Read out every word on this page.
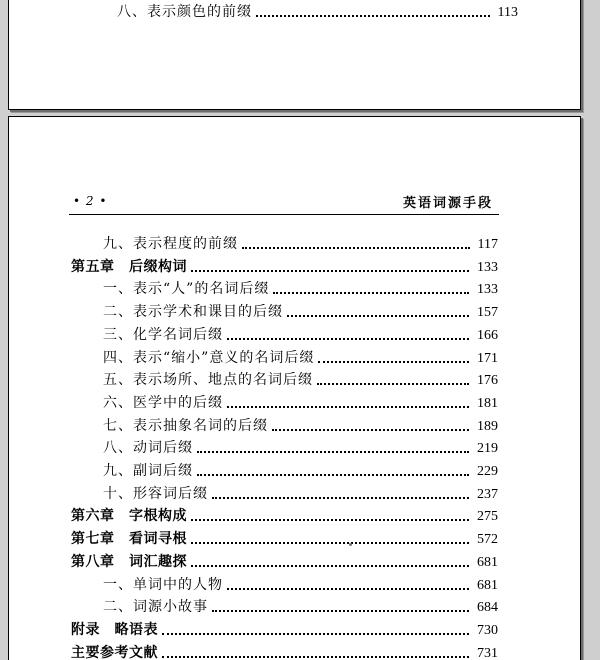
八、表示颜色的前缀	113
• 2 •	英语词源手段
九、表示程度的前缀	117
第五章　后缀构词	133
一、表示“人”的名词后缀	133
二、表示学术和课目的后缀	157
三、化学名词后缀	166
四、表示“缩小”意义的名词后缀	171
五、表示场所、地点的名词后缀	176
六、医学中的后缀	181
七、表示抽象名词的后缀	189
八、动词后缀	219
九、副词后缀	229
十、形容词后缀	237
第六章　字根构成	275
第七章　看词寻根	572
第八章　词汇趣探	681
一、单词中的人物	681
二、词源小故事	684
附录　略语表	730
主要参考文献	731
